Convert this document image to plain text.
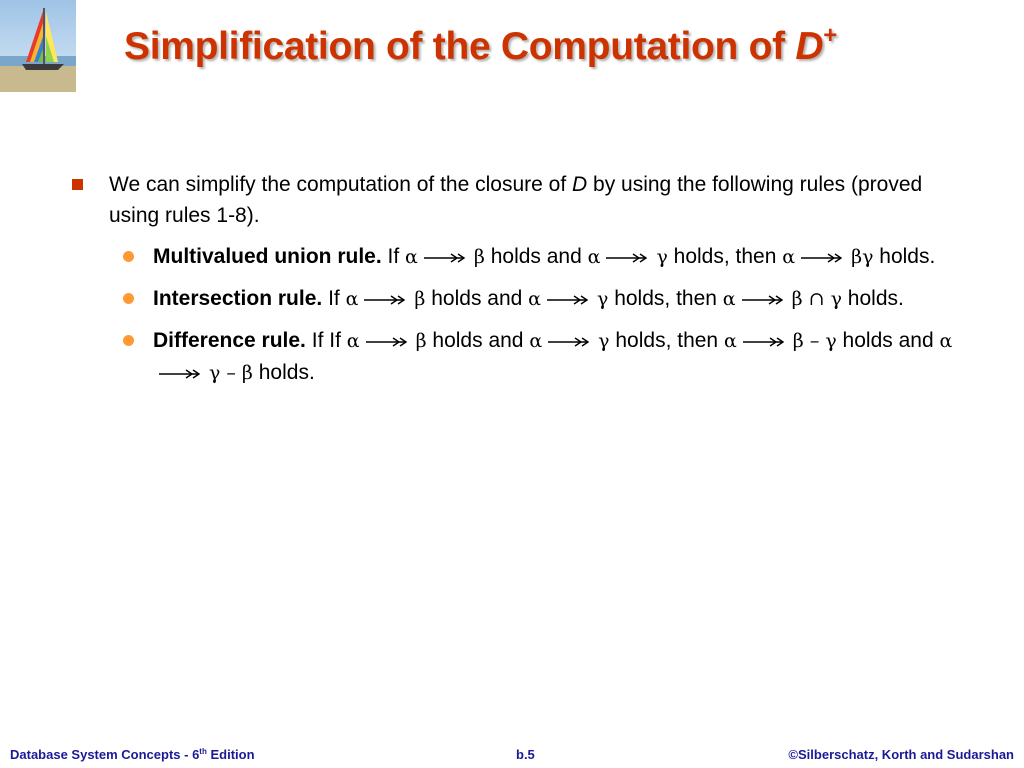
Simplification of the Computation of D+
We can simplify the computation of the closure of D by using the following rules (proved using rules 1-8).
Multivalued union rule. If α	β holds and α	γ holds, then α	βγ holds.
Intersection rule. If α	β holds and α	γ holds, then α	β ∩ γ holds.
Difference rule. If If α	β holds and α	γ holds, then α	β – γ holds and α
γ – β holds.
Database System Concepts - 6th Edition	b.5	©Silberschatz, Korth and Sudarshan
